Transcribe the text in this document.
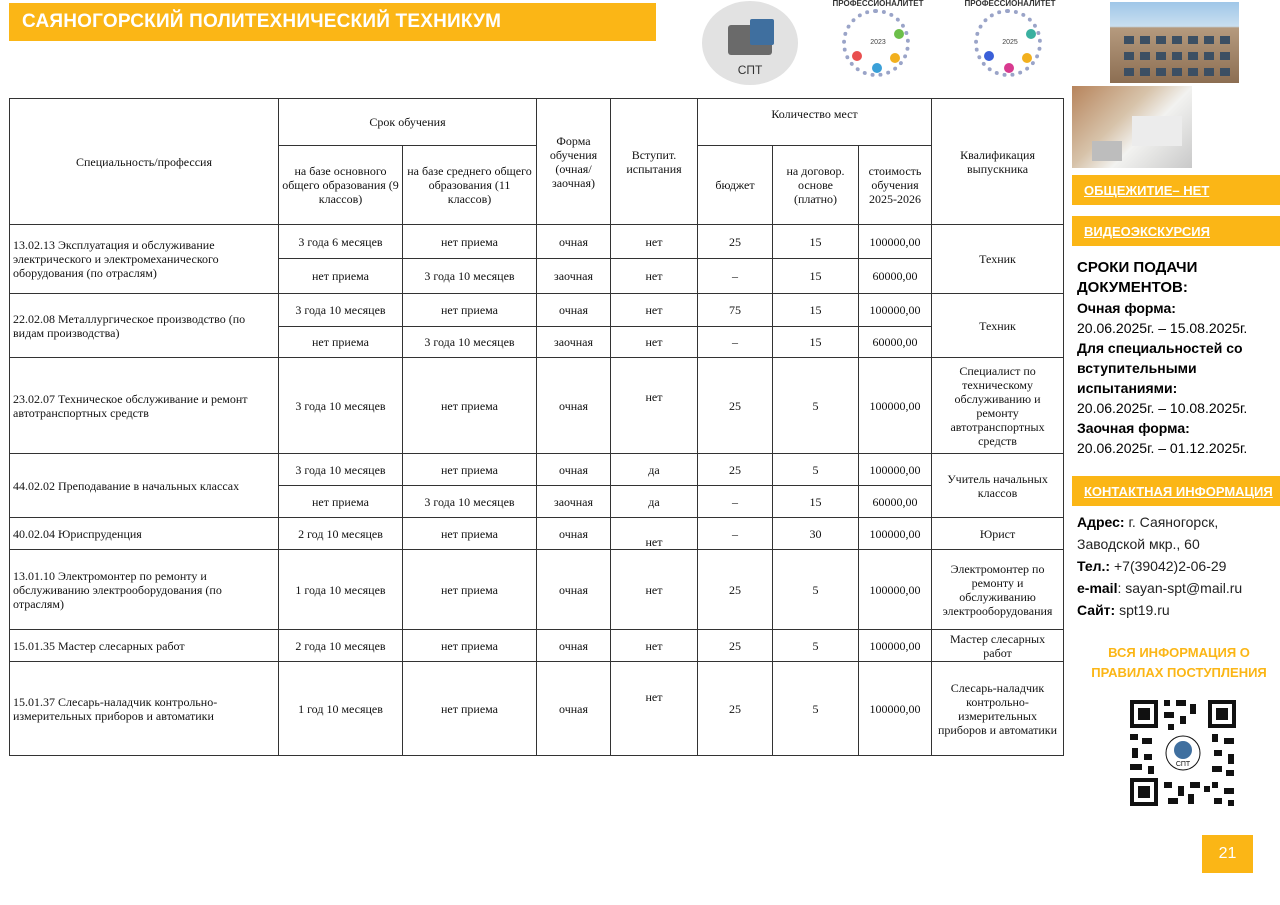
САЯНОГОРСКИЙ ПОЛИТЕХНИЧЕСКИЙ ТЕХНИКУМ
СПТ
ПРОФЕССИОНАЛИТЕТ
2023
ПРОФЕССИОНАЛИТЕТ
2025
Специальность/профессия	Срок обучения		Форма обучения (очная/ заочная)	Вступит. испытания	Количество мест			Квалификация выпускника
	на базе основного общего образования (9 классов)	на базе среднего общего образования (11 классов)			бюджет	на договор. основе (платно)	стоимость обучения 2025-2026	
13.02.13 Эксплуатация и обслуживание электрического и электромеханического оборудования (по отраслям)	3 года 6 месяцев	нет приема	очная	нет	25	15	100000,00	Техник
	нет приема	3 года 10 месяцев	заочная	нет	–	15	60000,00	
22.02.08 Металлургическое производство (по видам производства)	3 года 10 месяцев	нет приема	очная	нет	75	15	100000,00	Техник
	нет приема	3 года 10 месяцев	заочная	нет	–	15	60000,00	
23.02.07 Техническое обслуживание и ремонт автотранспортных средств	3 года 10 месяцев	нет приема	очная	нет	25	5	100000,00	Специалист по техническому обслуживанию и ремонту автотранспортных средств
44.02.02 Преподавание в начальных классах	3 года 10 месяцев	нет приема	очная	да	25	5	100000,00	Учитель начальных классов
	нет приема	3 года 10 месяцев	заочная	да	–	15	60000,00	
40.02.04 Юриспруденция	2 год 10 месяцев	нет приема	очная	нет	–	30	100000,00	Юрист
13.01.10 Электромонтер по ремонту и обслуживанию электрооборудования (по отраслям)	1 года 10 месяцев	нет приема	очная	нет	25	5	100000,00	Электромонтер по ремонту и обслуживанию электрооборудования
15.01.35 Мастер слесарных работ	2 года 10 месяцев	нет приема	очная	нет	25	5	100000,00	Мастер слесарных работ
15.01.37 Слесарь-наладчик контрольно-измерительных приборов и автоматики	1 год 10 месяцев	нет приема	очная	нет	25	5	100000,00	Слесарь-наладчик контрольно-измерительных приборов и автоматики
ОБЩЕЖИТИЕ– НЕТ
ВИДЕОЭКСКУРСИЯ
СРОКИ ПОДАЧИ ДОКУМЕНТОВ:
Очная форма:
20.06.2025г. – 15.08.2025г.
Для специальностей со вступительными испытаниями:
20.06.2025г. – 10.08.2025г.
Заочная форма:
20.06.2025г. – 01.12.2025г.
КОНТАКТНАЯ ИНФОРМАЦИЯ
Адрес: г. Саяногорск, Заводской мкр., 60
Тел.: +7(39042)2-06-29
e-mail: sayan-spt@mail.ru
Сайт: spt19.ru
ВСЯ ИНФОРМАЦИЯ О ПРАВИЛАХ ПОСТУПЛЕНИЯ
СПТ
21
